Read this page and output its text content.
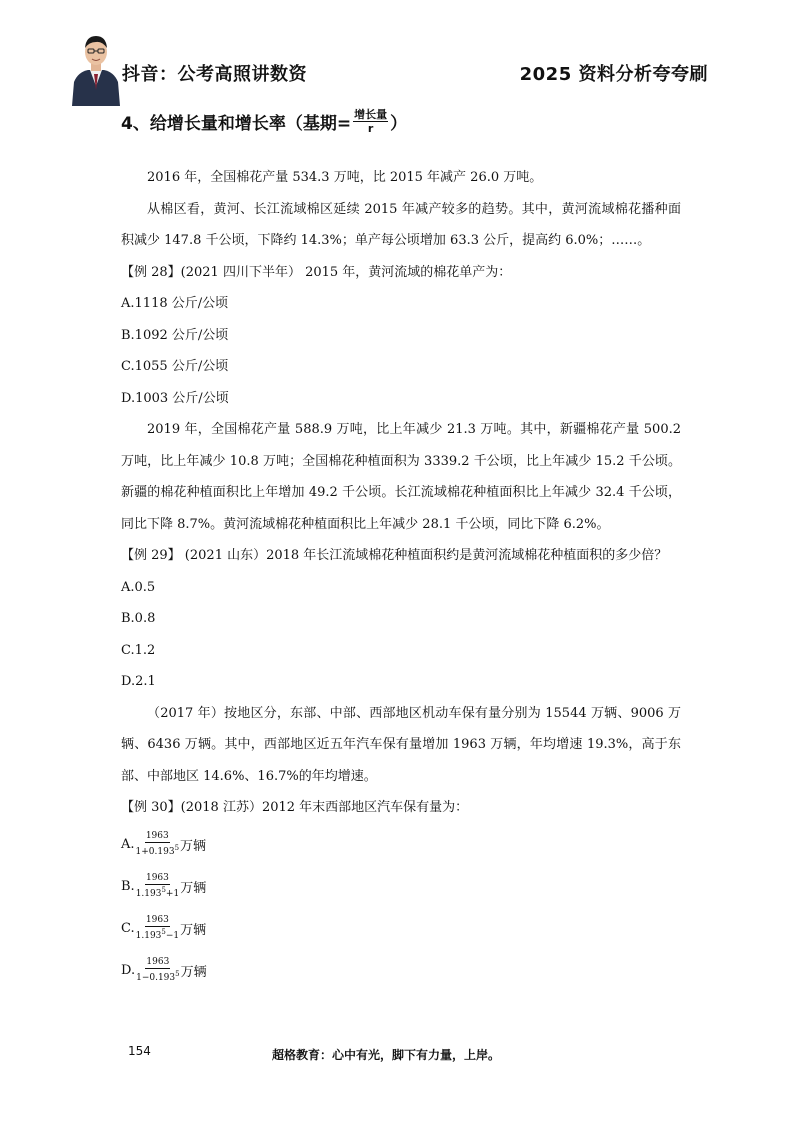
抖音：公考高照讲数资	2025 资料分析夸夸刷
4、给增长量和增长率（基期= $\frac{\text{增长量}}{r}$ ）

2016 年，全国棉花产量 534.3 万吨，比 2015 年减产 26.0 万吨。

从棉区看，黄河、长江流域棉区延续 2015 年减产较多的趋势。其中，黄河流域棉花播种面积减少 147.8 千公顷，下降约 14.3%；单产每公顷增加 63.3 公斤，提高约 6.0%；……。

【例 28】(2021 四川下半年） 2015 年，黄河流域的棉花单产为：

A.1118 公斤/公顷

B.1092 公斤/公顷

C.1055 公斤/公顷

D.1003 公斤/公顷

2019 年，全国棉花产量 588.9 万吨，比上年减少 21.3 万吨。其中，新疆棉花产量 500.2 万吨，比上年减少 10.8 万吨；全国棉花种植面积为 3339.2 千公顷，比上年减少 15.2 千公顷。新疆的棉花种植面积比上年增加 49.2 千公顷。长江流域棉花种植面积比上年减少 32.4 千公顷，同比下降 8.7%。黄河流域棉花种植面积比上年减少 28.1 千公顷，同比下降 6.2%。

【例 29】 (2021 山东）2018 年长江流域棉花种植面积约是黄河流域棉花种植面积的多少倍？

A.0.5

B.0.8

C.1.2

D.2.1

（2017 年）按地区分，东部、中部、西部地区机动车保有量分别为 15544 万辆、9006 万辆、6436 万辆。其中，西部地区近五年汽车保有量增加 1963 万辆，年均增速 19.3%，高于东部、中部地区 14.6%、16.7%的年均增速。

【例 30】(2018 江苏）2012 年末西部地区汽车保有量为：

A. $\frac{1963}{1+0.193^5}$ 万辆
B. $\frac{1963}{1.193^5+1}$ 万辆
C. $\frac{1963}{1.193^5-1}$ 万辆
D. $\frac{1963}{1-0.193^5}$ 万辆
154	超格教育：心中有光，脚下有力量，上岸。
